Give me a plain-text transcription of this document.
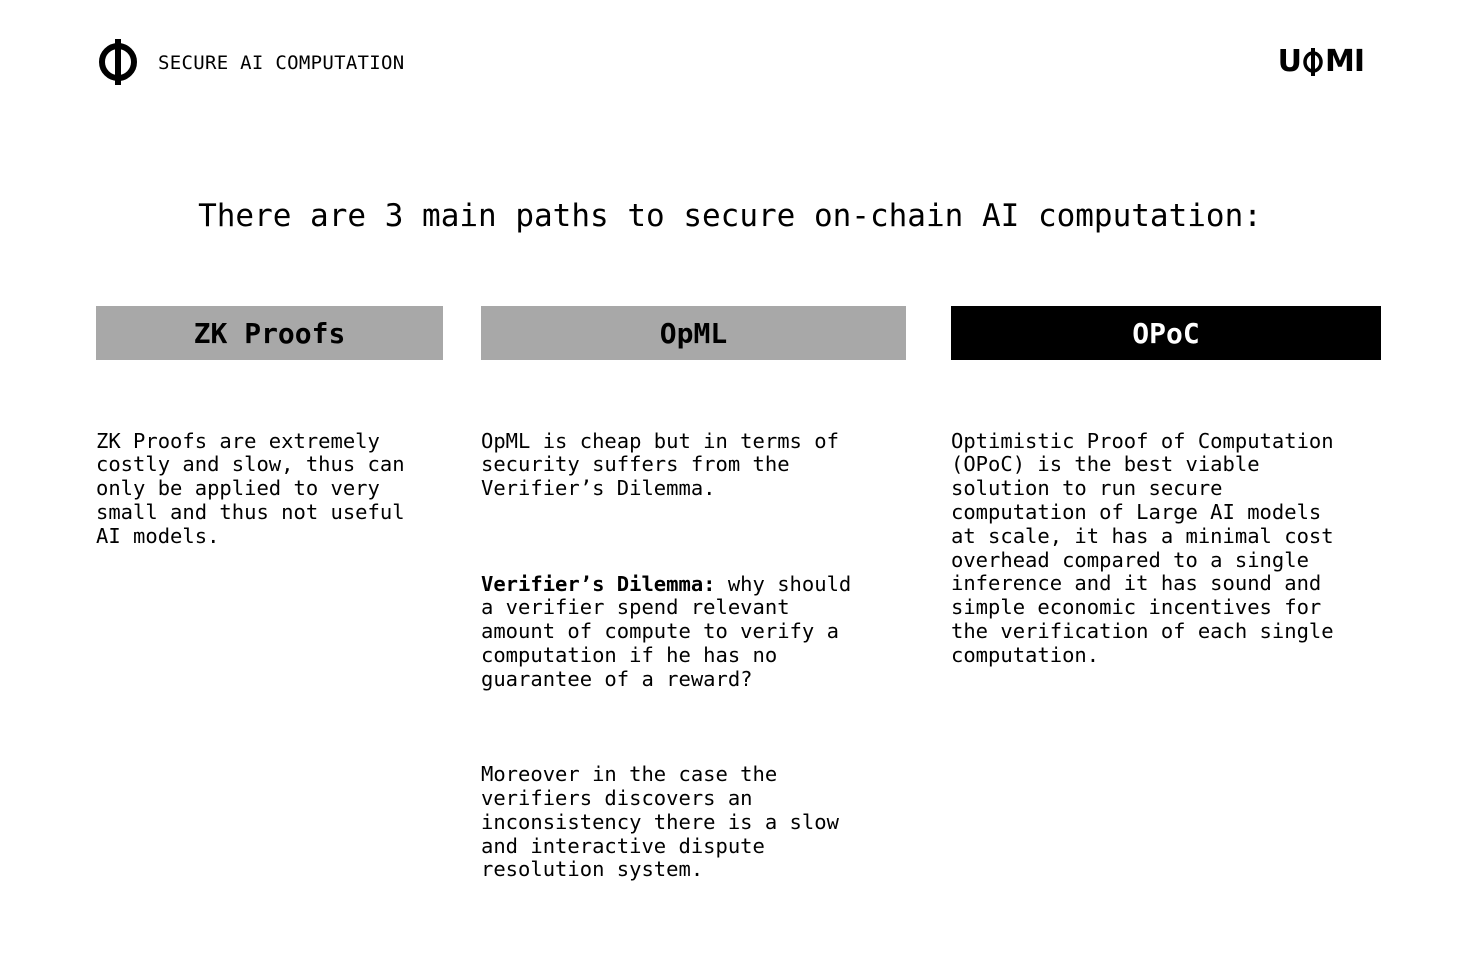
SECURE AI COMPUTATION	U MI
There are 3 main paths to secure on-chain AI computation:
ZK Proofs

ZK Proofs are extremely
costly and slow, thus can
only be applied to very
small and thus not useful
AI models.

OpML

OpML is cheap but in terms of
security suffers from the
Verifier’s Dilemma.

Verifier’s Dilemma: why should
a verifier spend relevant
amount of compute to verify a
computation if he has no
guarantee of a reward?

Moreover in the case the
verifiers discovers an
inconsistency there is a slow
and interactive dispute
resolution system.

OPoC

Optimistic Proof of Computation
(OPoC) is the best viable
solution to run secure
computation of Large AI models
at scale, it has a minimal cost
overhead compared to a single
inference and it has sound and
simple economic incentives for
the verification of each single
computation.
